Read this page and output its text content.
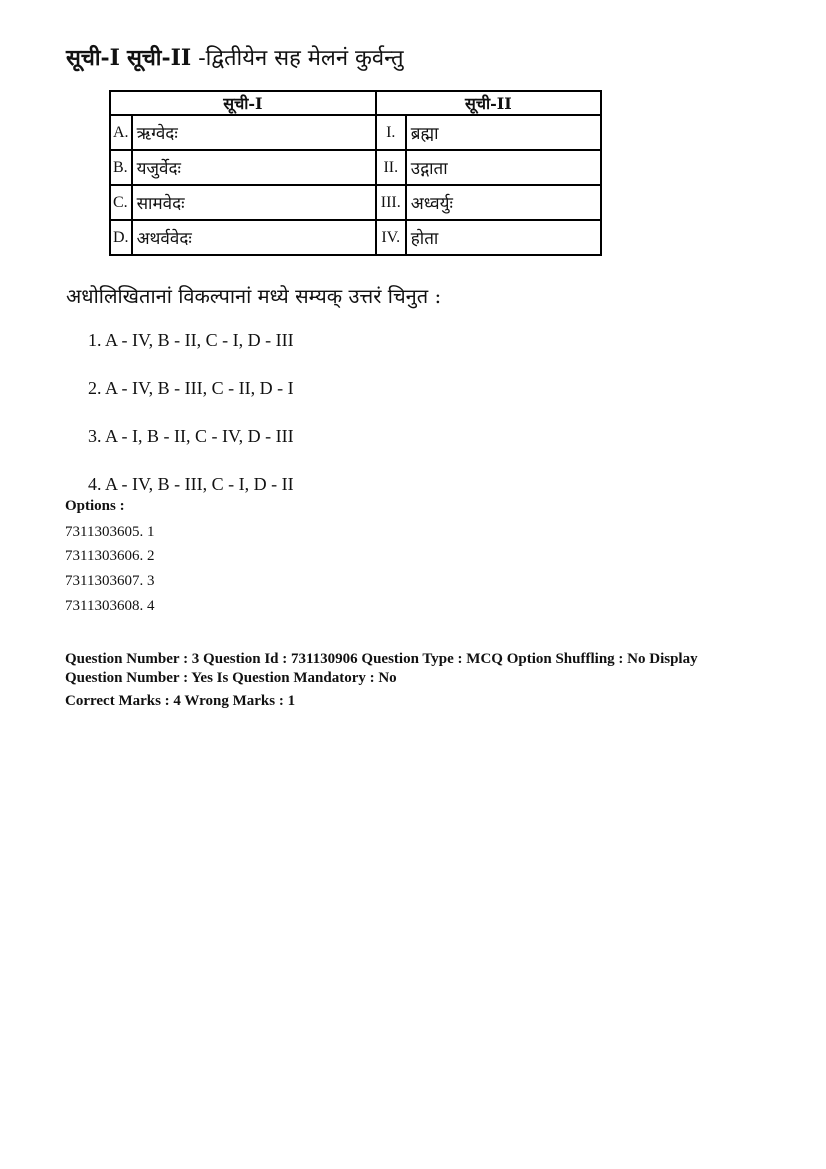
सूची-I सूची-II -द्वितीयेन सह मेलनं कुर्वन्तु
सूची-I		सूची-II	
A.	ऋग्वेदः	I.	ब्रह्मा
B.	यजुर्वेदः	II.	उद्गाता
C.	सामवेदः	III.	अध्वर्युः
D.	अथर्ववेदः	IV.	होता
अधोलिखितानां विकल्पानां मध्ये सम्यक् उत्तरं चिनुत :
1. A - IV, B - II, C - I, D - III
2. A - IV, B - III, C - II, D - I
3. A - I, B - II, C - IV, D - III
4. A - IV, B - III, C - I, D - II
Options :
7311303605. 1
7311303606. 2
7311303607. 3
7311303608. 4
Question Number : 3 Question Id : 731130906 Question Type : MCQ Option Shuffling : No Display
Question Number : Yes Is Question Mandatory : No
Correct Marks : 4 Wrong Marks : 1
